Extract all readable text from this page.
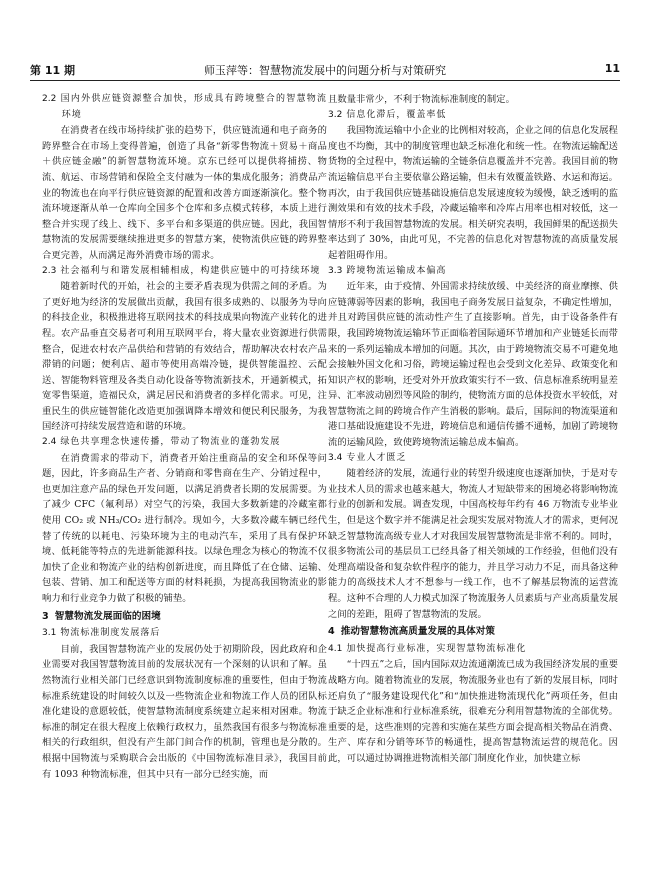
第 11 期	师玉萍等：智慧物流发展中的问题分析与对策研究	11
2.2 国内外供应链资源整合加快，形成具有跨境整合的智慧物流环境

在消费者在线市场持续扩张的趋势下，供应链流通和电子商务的跨界整合在市场上变得普遍，创造了具备“新零售物流＋贸易＋商品＋供应链金融”的新智慧物流环境。京东已经可以提供将捕捞、物流、航运、市场营销和保险全支付融为一体的集成化服务；消费品产业的物流也在向平行供应链资源的配置和改善方面逐渐演化。整个物流环境逐渐从单一仓库向全国多个仓库和多点模式转移，本质上进行整合并实现了线上、线下、多平台和多渠道的供应链。因此，我国智慧物流的发展需要继续推进更多的智慧方案，使物流供应链的跨界整合更完善，从而满足海外消费市场的需求。

2.3 社会福利与和谐发展相辅相成，构建供应链中的可持续环境

随着新时代的开始，社会的主要矛盾表现为供需之间的矛盾。为了更好地为经济的发展做出贡献，我国有很多成熟的、以服务为导向的科技企业，积极推进将互联网技术的科技成果向物流产业转化的进程。农产品垂直交易者可利用互联网平台，将大量农业资源进行供需整合，促进农村农产品供给和营销的有效结合，帮助解决农村农产品滞销的问题；便利店、超市等使用高端冷链，提供智能温控、云配送、智能物料管理及各类自动化设备等物流新技术，开通新模式，拓宽零售渠道，造福民众，满足居民和消费者的多样化需求。可见，注重民生的供应链智能化改造更加强调降本增效和便民利民服务，为我国经济可持续发展营造和谐的环境。

2.4 绿色共享理念快速传播，带动了物流业的蓬勃发展

在消费需求的带动下，消费者开始注重商品的安全和环保等问题，因此，许多商品生产者、分销商和零售商在生产、分销过程中，也更加注意产品的绿色开发问题，以满足消费者长期的发展需要。为了减少 CFC（氟利昂）对空气的污染，我国大多数新建的冷藏室都使用 CO₂ 或 NH₃/CO₂ 进行制冷。现如今，大多数冷藏车辆已经代替了传统的以耗电、污染环境为主的电动汽车，采用了具有保护环境、低耗能等特点的先进新能源科技。以绿色理念为核心的物流不仅加快了企业和物流产业的结构创新进度，而且降低了在仓储、运输、包装、营销、加工和配送等方面的材料耗损，为提高我国物流业的影响力和行业竞争力做了积极的铺垫。

3 智慧物流发展面临的困境
3.1 物流标准制度发展落后

目前，我国智慧物流产业的发展仍处于初期阶段，因此政府和企业需要对我国智慧物流目前的发展状况有一个深刻的认识和了解。虽然物流行业相关部门已经意识到物流制度标准的重要性，但由于物流标准系统建设的时间较久以及一些物流企业和物流工作人员的团队标准化建设的意愿较低，使智慧物流制度系统建立起来相对困难。物流标准的制定在很大程度上依赖行政权力，虽然我国有很多与物流标准相关的行政组织，但没有产生部门间合作的机制，管理也是分散的。根据中国物流与采购联合会出版的《中国物流标准目录》，我国目前有 1093 种物流标准，但其中只有一部分已经实施，而

且数量非常少，不利于物流标准制度的制定。

3.2 信息化滞后，覆盖率低

我国物流运输中小企业的比例相对较高，企业之间的信息化发展程度也不均衡，其中的制度管理也缺乏标准化和统一性。在物流运输配送货物的全过程中，物流运输的全链条信息覆盖并不完善。我国目前的物流运输信息平台主要依靠公路运输，但未有效覆盖铁路、水运和海运。再次，由于我国供应链基础设施信息发展速度较为缓慢，缺乏透明的监测效果和有效的技术手段，冷藏运输率和冷库占用率也相对较低，这一情形不利于我国智慧物流的发展。相关研究表明，我国鲜果的配送损失率达到了 30%，由此可见，不完善的信息化对智慧物流的高质量发展起着阻碍作用。

3.3 跨境物流运输成本偏高

近年来，由于疫情、外国需求持续放缓、中美经济的商业摩擦、供应链薄弱等因素的影响，我国电子商务发展日益复杂，不确定性增加，并且对跨国供应链的流动性产生了直接影响。首先，由于设备条件有限，我国跨境物流运输环节正面临着国际通环节增加和产业链延长而带来的一系列运输成本增加的问题。其次，由于跨境物流交易不可避免地会接触外国文化和习俗，跨境运输过程也会受到文化差异、政策变化和知识产权的影响，还受对外开放政策实行不一致、信息标准系统明显差异、汇率波动剧烈等风险的制约，使物流方面的总体投资水平较低，对智慧物流之间的跨境合作产生消极的影响。最后，国际间的物流渠道和港口基础设施建设不先进，跨境信息和通信传播不通畅，加剧了跨境物流的运输风险，致使跨境物流运输总成本偏高。

3.4 专业人才匮乏

随着经济的发展，流通行业的转型升级速度也逐渐加快，于是对专业技术人员的需求也越来越大，物流人才短缺带来的困境必将影响物流行业的创新和发展。调查发现，中国高校每年约有 46 万物流专业毕业生，但是这个数字并不能满足社会现实发展对物流人才的需求，更何况缺乏智慧物流高级专业人才对我国发展智慧物流是非常不利的。同时，很多物流公司的基层员工已经具备了相关领域的工作经验，但他们没有处理高端设备和复杂软件程序的能力，并且学习动力不足，而具备这种能力的高级技术人才不想参与一线工作，也不了解基层物流的运营流程。这种不合理的人力模式加深了物流服务人员素质与产业高质量发展之间的差距，阻碍了智慧物流的发展。

4 推动智慧物流高质量发展的具体对策
4.1 加快提高行业标准，实现智慧物流标准化

“十四五”之后，国内国际双边流通潮流已成为我国经济发展的重要战略方向。随着物流业的发展，物流服务业也有了新的发展目标，同时还肩负了“服务建设现代化”和“加快推进物流现代化”两项任务，但由于缺乏企业标准和行业标准系统，很难充分利用智慧物流的全部优势。重要的是，这些准则的完善和实施在某些方面会提高相关物品在消费、生产、库存和分销等环节的畅通性，提高智慧物流运营的规范化。因此，可以通过协调推进物流相关部门制度化作业，加快建立标
